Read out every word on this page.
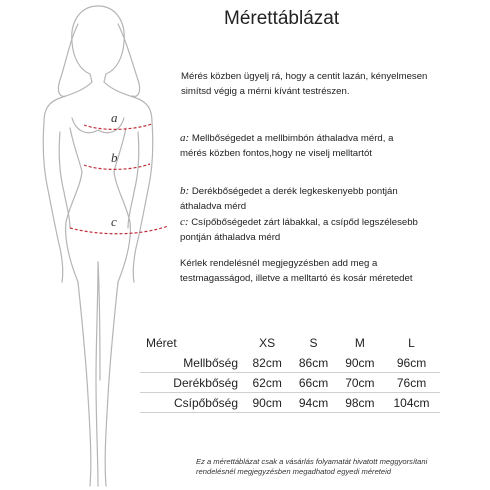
a
b
c
Mérettáblázat
Mérés közben ügyelj rá, hogy a centit lazán, kényelmesen simítsd végig a mérni kívánt testrészen.
a: Mellbőségedet a mellbimbón áthaladva mérd, a mérés közben fontos,hogy ne viselj melltartót
b: Derékbőségedet a derék legkeskenyebb pontján áthaladva mérd
c: Csípőbőségedet zárt lábakkal, a csípőd legszélesebb pontján áthaladva mérd
Kérlek rendelésnél megjegyzésben add meg a testmagasságod, illetve a melltartó és kosár méretedet
Méret	XS	S	M	L
Mellbőség	82cm	86cm	90cm	96cm
Derékbőség	62cm	66cm	70cm	76cm
Csípőbőség	90cm	94cm	98cm	104cm
Ez a mérettáblázat csak a vásárlás folyamatát hivatott meggyorsítani rendelésnél megjegyzésben megadhatod egyedi méreteid
